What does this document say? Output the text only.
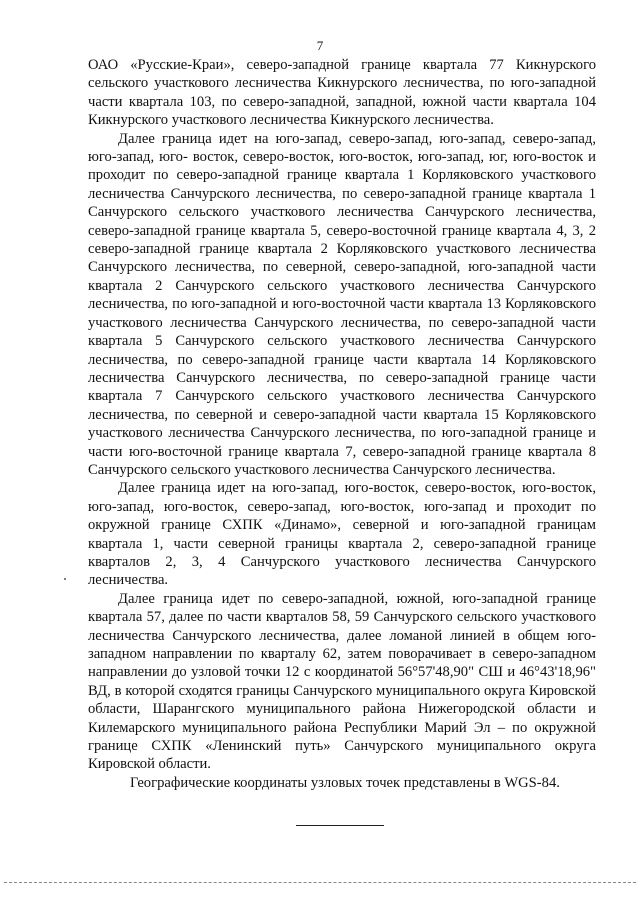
7

ОАО «Русские-Краи», северо-западной границе квартала 77 Кикнурского сельского участкового лесничества Кикнурского лесничества, по юго-западной части квартала 103, по северо-западной, западной, южной части квартала 104 Кикнурского участкового лесничества Кикнурского лесничества.

Далее граница идет на юго-запад, северо-запад, юго-запад, северо-запад, юго-запад, юго- восток, северо-восток, юго-восток, юго-запад, юг, юго-восток и проходит по северо-западной границе квартала 1 Корляковского участкового лесничества Санчурского лесничества, по северо-западной границе квартала 1 Санчурского сельского участкового лесничества Санчурского лесничества, северо-западной границе квартала 5, северо-восточной границе квартала 4, 3, 2 северо-западной границе квартала 2 Корляковского участкового лесничества Санчурского лесничества, по северной, северо-западной, юго-западной части квартала 2 Санчурского сельского участкового лесничества Санчурского лесничества, по юго-западной и юго-восточной части квартала 13 Корляковского участкового лесничества Санчурского лесничества, по северо-западной части квартала 5 Санчурского сельского участкового лесничества Санчурского лесничества, по северо-западной границе части квартала 14 Корляковского лесничества Санчурского лесничества, по северо-западной границе части квартала 7 Санчурского сельского участкового лесничества Санчурского лесничества, по северной и северо-западной части квартала 15 Корляковского участкового лесничества Санчурского лесничества, по юго-западной границе и части юго-восточной границе квартала 7, северо-западной границе квартала 8 Санчурского сельского участкового лесничества Санчурского лесничества.

Далее граница идет на юго-запад, юго-восток, северо-восток, юго-восток, юго-запад, юго-восток, северо-запад, юго-восток, юго-запад и проходит по окружной границе СХПК «Динамо», северной и юго-западной границам квартала 1, части северной границы квартала 2, северо-западной границе кварталов 2, 3, 4 Санчурского участкового лесничества Санчурского лесничества.

Далее граница идет по северо-западной, южной, юго-западной границе квартала 57, далее по части кварталов 58, 59 Санчурского сельского участкового лесничества Санчурского лесничества, далее ломаной линией в общем юго-западном направлении по кварталу 62, затем поворачивает в северо-западном направлении до узловой точки 12 с координатой 56°57'48,90" СШ и 46°43'18,96" ВД, в которой сходятся границы Санчурского муниципального округа Кировской области, Шарангского муниципального района Нижегородской области и Килемарского муниципального района Республики Марий Эл – по окружной границе СХПК «Ленинский путь» Санчурского муниципального округа Кировской области.

Географические координаты узловых точек представлены в WGS-84.
